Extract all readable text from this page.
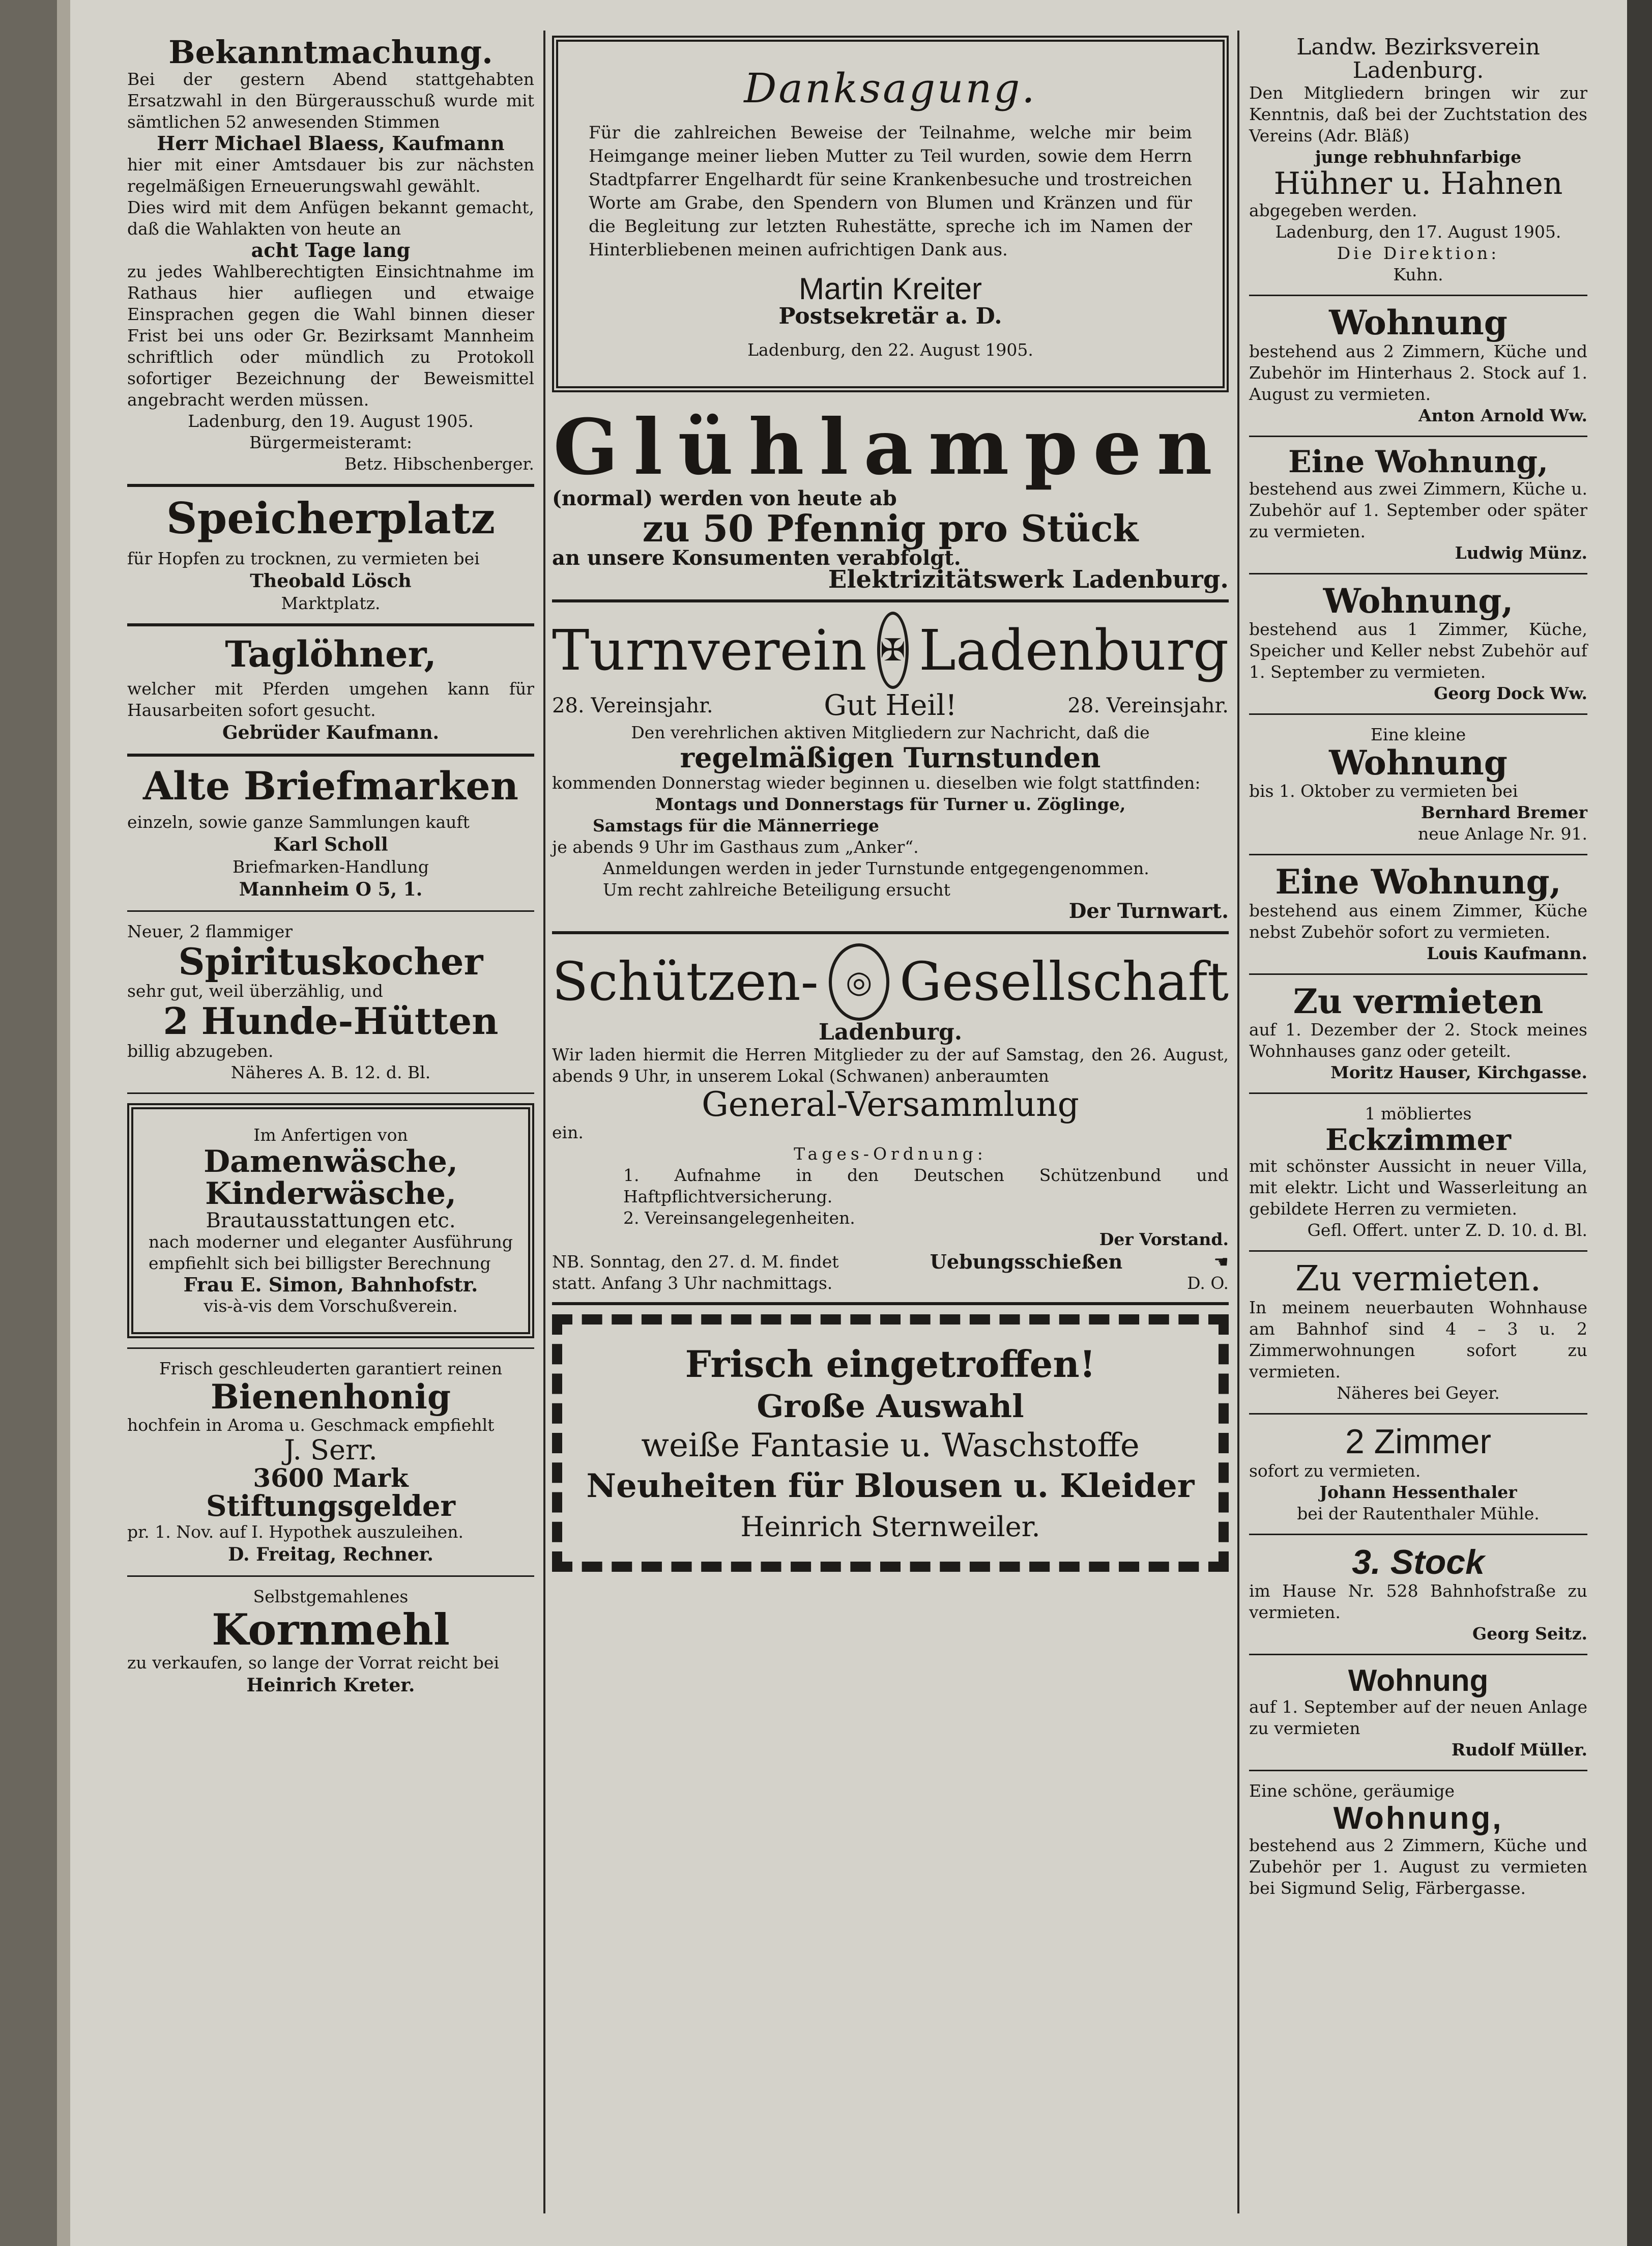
Bekanntmachung.
Bei der gestern Abend stattgehabten Ersatzwahl in den Bürgerausschuß wurde mit sämtlichen 52 anwesenden Stimmen
Herr Michael Blaess, Kaufmann
hier mit einer Amtsdauer bis zur nächsten regelmäßigen Erneuerungswahl gewählt.
Dies wird mit dem Anfügen bekannt gemacht, daß die Wahlakten von heute an
acht Tage lang
zu jedes Wahlberechtigten Einsichtnahme im Rathaus hier aufliegen und etwaige Einsprachen gegen die Wahl binnen dieser Frist bei uns oder Gr. Bezirksamt Mannheim schriftlich oder mündlich zu Protokoll sofortiger Bezeichnung der Beweismittel angebracht werden müssen.
Ladenburg, den 19. August 1905.
Bürgermeisteramt:
Betz. Hibschenberger.
Speicherplatz
für Hopfen zu trocknen, zu vermieten bei
Theobald Lösch
Marktplatz.
Taglöhner,
welcher mit Pferden umgehen kann für Hausarbeiten sofort gesucht.
Gebrüder Kaufmann.
Alte Briefmarken
einzeln, sowie ganze Sammlungen kauft
Karl Scholl
Briefmarken-Handlung
Mannheim O 5, 1.
Neuer, 2 flammiger
Spirituskocher
sehr gut, weil überzählig, und
2 Hunde-Hütten
billig abzugeben.
Näheres A. B. 12. d. Bl.
Im Anfertigen von
Damenwäsche,
Kinderwäsche,
Brautausstattungen etc.
nach moderner und eleganter Ausführung empfiehlt sich bei billigster Berechnung
Frau E. Simon, Bahnhofstr.
vis-à-vis dem Vorschußverein.
Frisch geschleuderten garantiert reinen
Bienenhonig
hochfein in Aroma u. Geschmack empfiehlt
J. Serr.
3600 Mark
Stiftungsgelder
pr. 1. Nov. auf I. Hypothek auszuleihen.
D. Freitag, Rechner.
Selbstgemahlenes
Kornmehl
zu verkaufen, so lange der Vorrat reicht bei
Heinrich Kreter.
Danksagung.
Für die zahlreichen Beweise der Teilnahme, welche mir beim Heimgange meiner lieben Mutter zu Teil wurden, sowie dem Herrn Stadtpfarrer Engelhardt für seine Krankenbesuche und trostreichen Worte am Grabe, den Spendern von Blumen und Kränzen und für die Begleitung zur letzten Ruhestätte, spreche ich im Namen der Hinterbliebenen meinen aufrichtigen Dank aus.
Martin Kreiter
Postsekretär a. D.
Ladenburg, den 22. August 1905.
Glühlampen
(normal) werden von heute ab
zu 50 Pfennig pro Stück
an unsere Konsumenten verabfolgt.
Elektrizitätswerk Ladenburg.
Turnverein ✠ Ladenburg
28. Vereinsjahr.	Gut Heil!	28. Vereinsjahr.
Den verehrlichen aktiven Mitgliedern zur Nachricht, daß die
regelmäßigen Turnstunden
kommenden Donnerstag wieder beginnen u. dieselben wie folgt stattfinden:
Montags und Donnerstags für Turner u. Zöglinge,
Samstags für die Männerriege
je abends 9 Uhr im Gasthaus zum „Anker“.
Anmeldungen werden in jeder Turnstunde entgegengenommen.
Um recht zahlreiche Beteiligung ersucht
Der Turnwart.
Schützen- ◎ Gesellschaft
Ladenburg.
Wir laden hiermit die Herren Mitglieder zu der auf Samstag, den 26. August, abends 9 Uhr, in unserem Lokal (Schwanen) anberaumten
General-Versammlung
ein.
Tages-Ordnung:
1. Aufnahme in den Deutschen Schützenbund und Haftpflichtversicherung.
2. Vereinsangelegenheiten.
Der Vorstand.
NB. Sonntag, den 27. d. M. findet	Uebungsschießen	☚
statt. Anfang 3 Uhr nachmittags.	D. O.
Frisch eingetroffen!
Große Auswahl
weiße Fantasie u. Waschstoffe
Neuheiten für Blousen u. Kleider
Heinrich Sternweiler.
Landw. Bezirksverein Ladenburg.
Den Mitgliedern bringen wir zur Kenntnis, daß bei der Zuchtstation des Vereins (Adr. Bläß)
junge rebhuhnfarbige
Hühner u. Hahnen
abgegeben werden.
Ladenburg, den 17. August 1905.
Die Direktion:
Kuhn.
Wohnung
bestehend aus 2 Zimmern, Küche und Zubehör im Hinterhaus 2. Stock auf 1. August zu vermieten.
Anton Arnold Ww.
Eine Wohnung,
bestehend aus zwei Zimmern, Küche u. Zubehör auf 1. September oder später zu vermieten.
Ludwig Münz.
Wohnung,
bestehend aus 1 Zimmer, Küche, Speicher und Keller nebst Zubehör auf 1. September zu vermieten.
Georg Dock Ww.
Eine kleine
Wohnung
bis 1. Oktober zu vermieten bei
Bernhard Bremer
neue Anlage Nr. 91.
Eine Wohnung,
bestehend aus einem Zimmer, Küche nebst Zubehör sofort zu vermieten.
Louis Kaufmann.
Zu vermieten
auf 1. Dezember der 2. Stock meines Wohnhauses ganz oder geteilt.
Moritz Hauser, Kirchgasse.
1 möbliertes
Eckzimmer
mit schönster Aussicht in neuer Villa, mit elektr. Licht und Wasserleitung an gebildete Herren zu vermieten.
Gefl. Offert. unter Z. D. 10. d. Bl.
Zu vermieten.
In meinem neuerbauten Wohnhause am Bahnhof sind 4 – 3 u. 2 Zimmerwohnungen sofort zu vermieten.
Näheres bei Geyer.
2 Zimmer
sofort zu vermieten.
Johann Hessenthaler
bei der Rautenthaler Mühle.
3. Stock
im Hause Nr. 528 Bahnhofstraße zu vermieten.
Georg Seitz.
Wohnung
auf 1. September auf der neuen Anlage zu vermieten
Rudolf Müller.
Eine schöne, geräumige
Wohnung,
bestehend aus 2 Zimmern, Küche und Zubehör per 1. August zu vermieten bei Sigmund Selig, Färbergasse.
